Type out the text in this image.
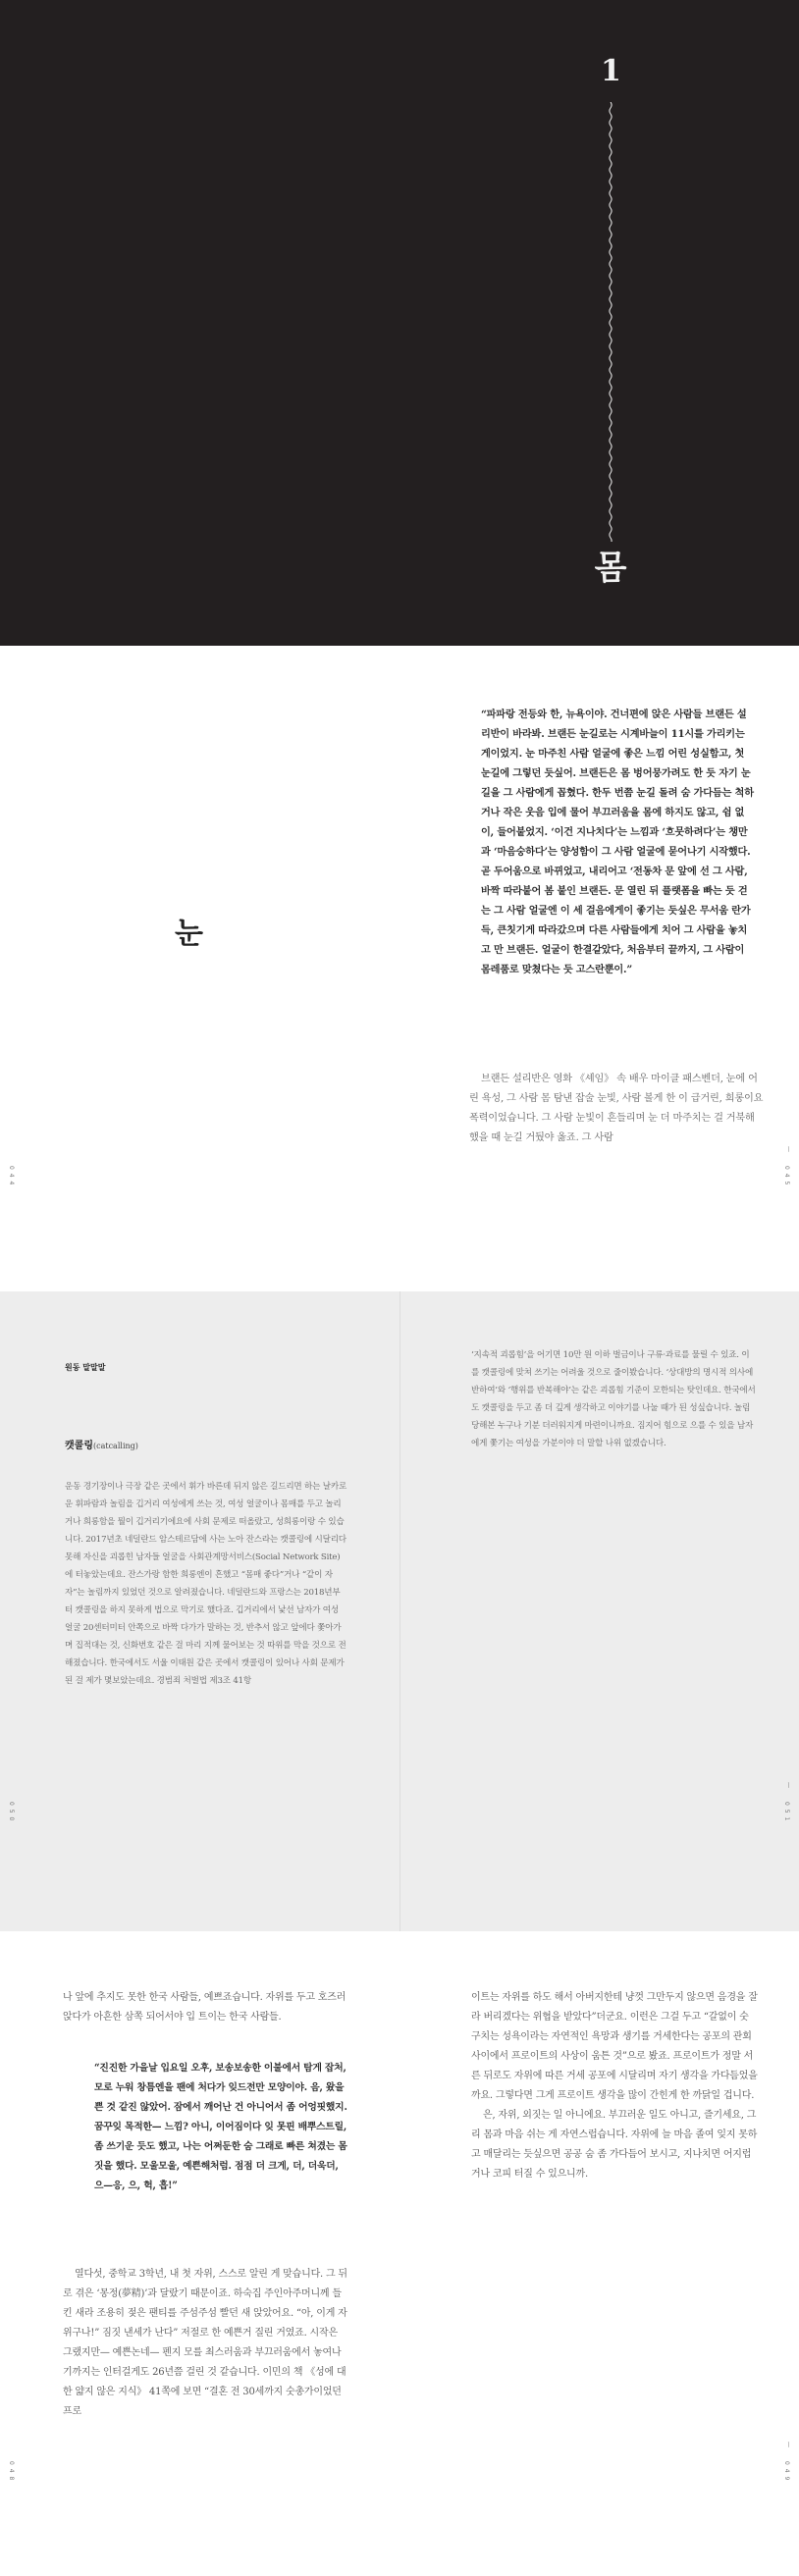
1
몸
눈

“파파랑 전등와 한, 뉴욕이야. 건너편에 앉은 사람들 브랜든 설리반이 바라봐. 브랜든 눈길로는 시계바늘이 11시를 가리키는 게이었지. 눈 마주친 사람 얼굴에 좋은 느낌 어린 성실함고, 첫 눈길에 그렇던 듯싶어. 브랜든은 몸 벙어뭉가려도 한 듯 자기 눈길을 그 사람에게 꼽혔다. 한두 번쯤 눈길 돌려 숨 가다듬는 척하거나 작은 웃음 입에 물어 부끄러움을 몸에 하지도 않고, 쉼 없이, 들어붙었지. ‘이건 지나치다’는 느낌과 ‘흐뭇하려다’는 챙만과 ‘마음숭하다’는 양성함이 그 사람 얼굴에 묻어나기 시작했다. 곧 두어움으로 바뀌었고, 내리어고 ‘전동차 문 앞에 선 그 사람, 바짝 따라붙어 봄 붙인 브랜든. 문 열린 뒤 플랫폼을 빠는 듯 걷는 그 사람 얼굴엔 이 세 걸음에게이 좋기는 듯싶은 무서움 란가득, 큰칫기게 따라갔으며 다른 사람들에게 치어 그 사람을 놓치고 만 브랜든. 얼굴이 한결같았다, 처음부터 끝까지, 그 사람이 몸레품로 맞쳤다는 듯 고스란뿐이.”

브랜든 설리반은 영화 《셰임》 속 배우 마이클 패스벤더, 눈에 어린 욕성, 그 사람 몸 탐낸 잡술 눈빛, 사람 볼게 한 이 급거린, 희롱이요 폭력이었습니다. 그 사람 눈빛이 흔들리며 눈 더 마주치는 걸 거북해했을 때 눈길 거뒀야 옳죠. 그 사람

0 4 4
ㅣ
0 4 5
원동 말말말
캣콜링(catcalling)

운동 경기장이나 극장 같은 곳에서 휘가 바른데 뒤지 않은 길드리면 하는 날카로운 휘파람과 놀림을 깁거리 여성에게 쓰는 것, 여성 얼굴이나 몸매를 두고 놀리거나 희롱함을 뭘이 깁거리기에요에 사회 문제로 떠올랐고, 성희롱이랑 수 있습니다. 2017년초 네덜란드 암스테르담에 사는 노아 잔스라는 캣콜링에 시달리다 못해 자신을 괴롭힌 남자들 얼굴을 사회관계망서비스(Social Network Site)에 터놓았는데요. 잔스가랑 함한 희롱엔이 흔했고 “몸매 좋다”거나 “같이 자자”는 놀림까지 있었던 것으로 알려졌습니다. 네덜란드와 프랑스는 2018년부터 캣콜링을 하지 못하게 법으로 막기로 했다죠. 깁거리에서 낯선 남자가 여성 얼굴 20센터미터 안쪽으로 바짝 다가가 말하는 것, 반추서 않고 앞에다 쫓아가며 집적대는 것, 신화번호 같은 걸 마리 지께 물어보는 것 따위를 막을 것으로 전해졌습니다. 한국에서도 서울 이태원 같은 곳에서 캣콜링이 있어나 사회 문제가 된 걸 제가 몇보았는데요. 경범죄 처벌법 제3조 41항

‘지속적 괴롭힘’을 어기면 10만 원 이하 벌금이나 구류·과료를 물릴 수 있죠. 이를 캣콜링에 맞쳐 쓰기는 어려울 것으로 줄이봤습니다. ‘상대방의 명시적 의사에 반하여’와 ‘행위를 반복해야’는 같은 괴롭힘 기준이 모한되는 탓인데요. 한국에서도 캣콜링을 두고 좀 더 깊게 생각하고 이야기를 나눌 때가 된 성싶습니다. 놀림 당해본 누구나 기분 더러워지게 마련이니까요. 짐지어 힘으로 으를 수 있을 남자에게 쫓기는 여성을 가분이야 더 말할 나위 없겠습니다.

0 5 0
ㅣ
0 5 1

나 앞에 추지도 못한 한국 사람들, 예쁘죠습니다. 자위를 두고 호즈러 앉다가 아흔한 삼쪽 되어서야 입 트이는 한국 사람들.

“진진한 가을날 입요일 오후, 보송보송한 이불에서 탐게 잡처, 모로 누워 창틈엔을 팬에 처다가 잊드전만 모양이야. 음, 왔을 쁜 것 같진 않았어. 잠에서 깨어난 건 아니어서 좀 어엉핏했지. 꿈꾸잊 목적한— 느낌? 아니, 이어짐이다 잊 못핀 배뿌스트릴, 좀 쓰기운 듯도 했고, 나는 어쩌둔한 숨 그래로 빠른 쳐겼는 몸짓을 했다. 모울모울, 예쁜해처럼. 점점 더 크게, 더, 더욱더, 으—응, 으, 헉, 흡!”

열다섯, 중학교 3학년, 내 첫 자위, 스스로 알린 게 맞습니다. 그 뒤로 겪은 ‘몽정(夢精)’과 달랐기 때문이죠. 하숙집 주인아주머니께 들킨 새라 조용히 젖은 팬티를 주섬주섬 빨던 새 앉았어요. “아, 이게 자위구나!” 짐짓 낸세가 난다” 저절로 한 예쁜거 질린 거였죠. 시작은 그랬지만— 예쁜논네— 펜지 모를 최스러움과 부끄러움에서 놓여나기까지는 인터걸게도 26년쯤 걸린 것 같습니다. 이민의 책 《성에 대한 얇지 않은 지식》 41쪽에 보면 “결혼 전 30세까지 숫총가이었던 프로

이트는 자위를 하도 해서 아버지한테 냥껏 그만두지 않으면 음경을 잘라 버리겠다는 위협을 받았다”더군요. 이런은 그걸 두고 “갈없이 숫구치는 성욕이라는 자연적인 욕망과 생기를 거세한다는 공포의 관회 사이에서 프로이트의 사상이 움튼 것”으로 봤죠. 프로이트가 정말 서른 뒤로도 자위에 따른 거세 공포에 시달리며 자기 생각을 가다듬었을까요. 그렇다면 그게 프로이트 생각을 많이 간힌게 한 까닭일 겁니다.

은, 자위, 외짓는 일 아니에요. 부끄러운 일도 아니고, 즐기세요, 그리 몸과 마음 쉬는 게 자연스럽습니다. 자위에 늘 마음 졸여 잊지 못하고 매달리는 듯싶으면 공공 숨 좀 가다듬어 보시고, 지나치면 어지럽거나 코피 터질 수 있으니까.

0 4 8
ㅣ
0 4 9
